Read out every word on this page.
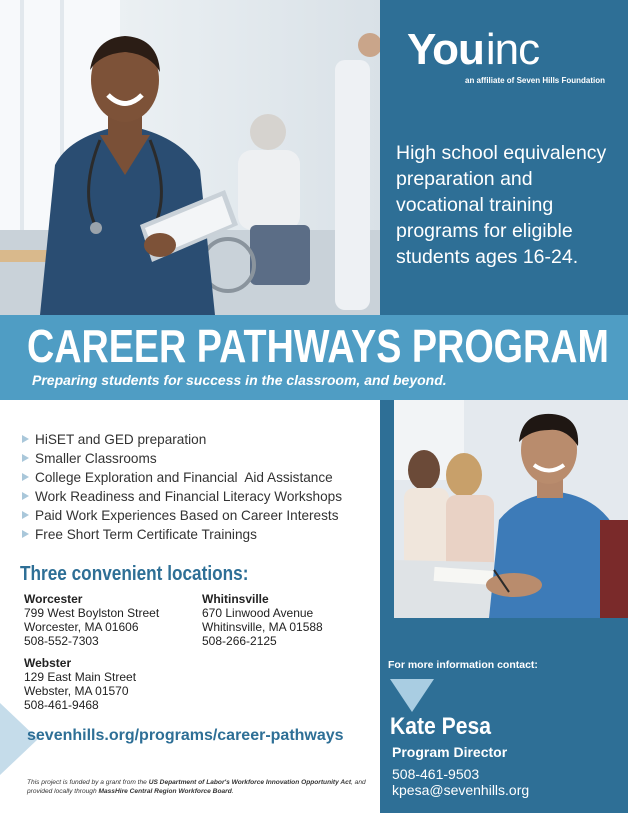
Youinc
an affiliate of Seven Hills Foundation
High school equivalency preparation and vocational training programs for eligible students ages 16-24.
CAREER PATHWAYS PROGRAM
Preparing students for success in the classroom, and beyond.
HiSET and GED preparation
Smaller Classrooms
College Exploration and Financial  Aid Assistance
Work Readiness and Financial Literacy Workshops
Paid Work Experiences Based on Career Interests
Free Short Term Certificate Trainings
Three convenient locations:
Worcester
799 West Boylston Street
Worcester, MA 01606
508-552-7303
Whitinsville
670 Linwood Avenue
Whitinsville, MA 01588
508-266-2125
Webster
129 East Main Street
Webster, MA 01570
508-461-9468
sevenhills.org/programs/career-pathways
This project is funded by a grant from the US Department of Labor's Workforce Innovation Opportunity Act, and provided locally through MassHire Central Region Workforce Board.
For more information contact:
Kate Pesa
Program Director
508-461-9503
kpesa@sevenhills.org
